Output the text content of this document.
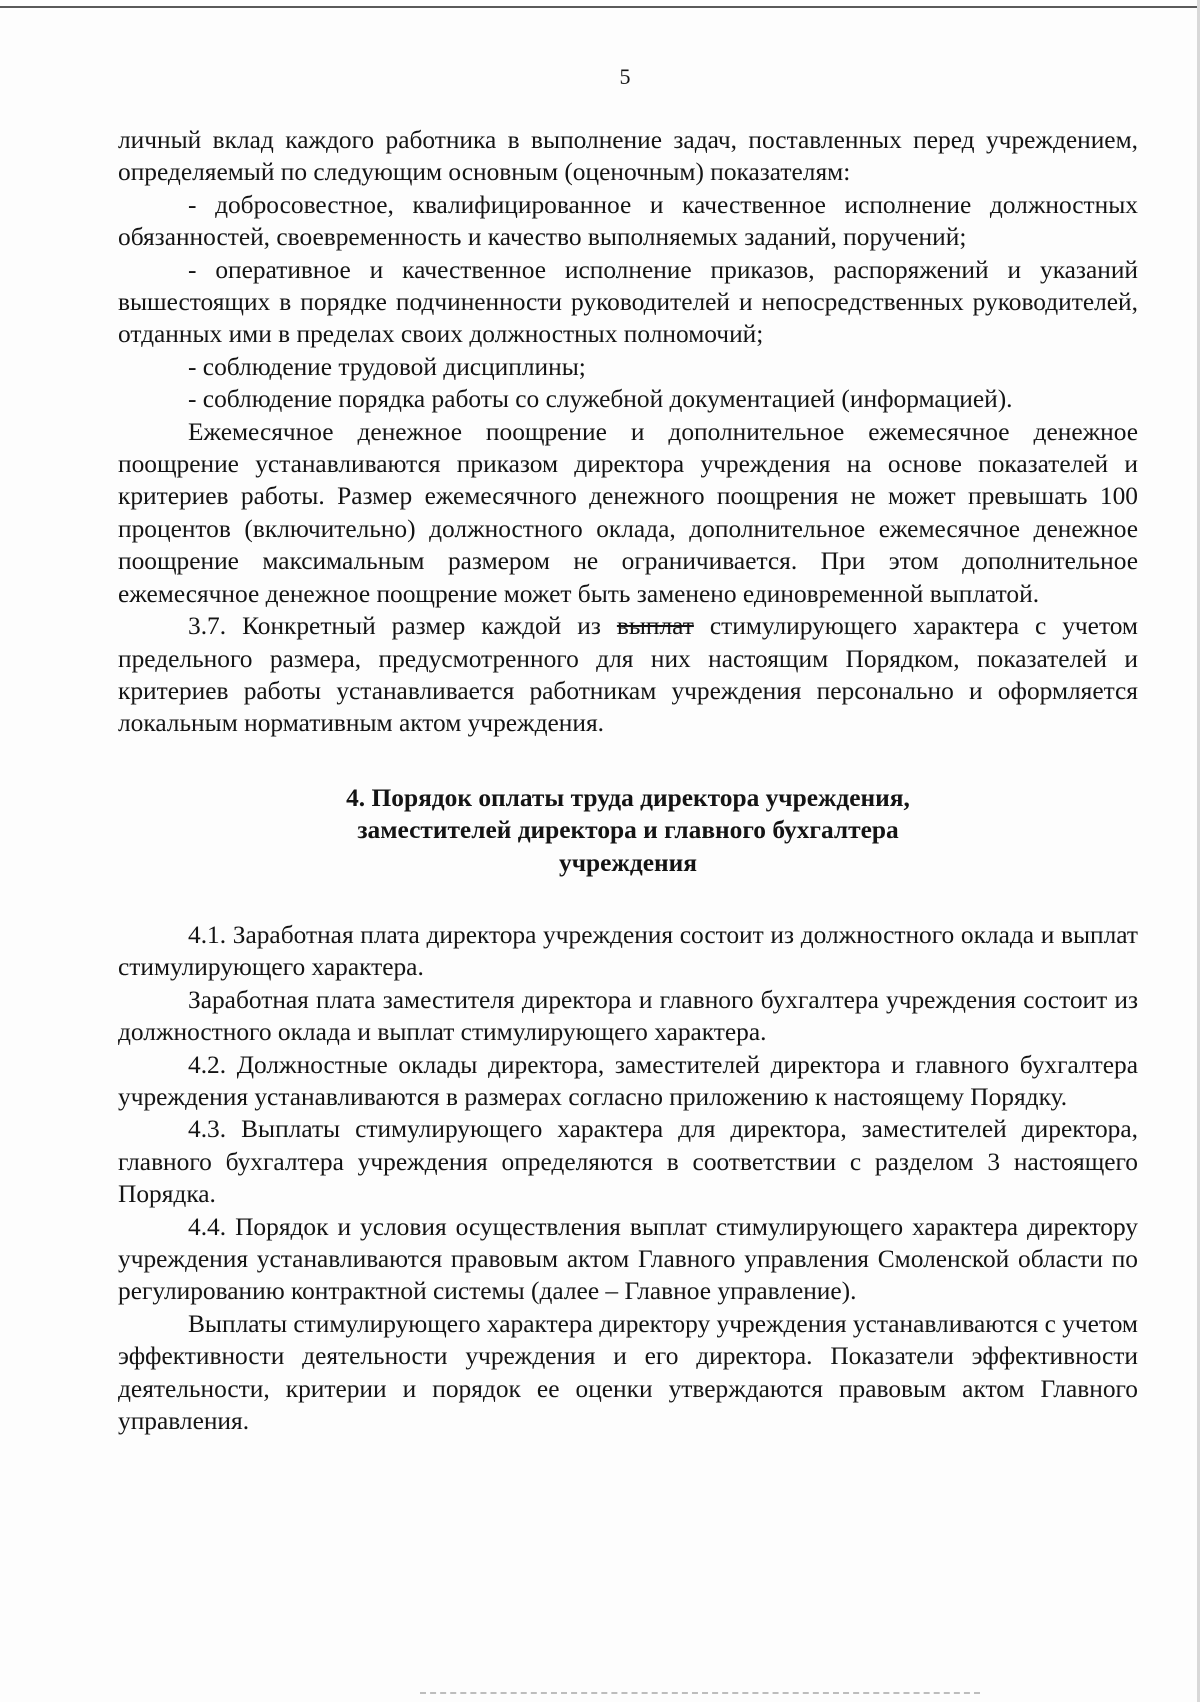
5

личный вклад каждого работника в выполнение задач, поставленных перед учреждением, определяемый по следующим основным (оценочным) показателям:

- добросовестное, квалифицированное и качественное исполнение должностных обязанностей, своевременность и качество выполняемых заданий, поручений;

- оперативное и качественное исполнение приказов, распоряжений и указаний вышестоящих в порядке подчиненности руководителей и непосредственных руководителей, отданных ими в пределах своих должностных полномочий;

- соблюдение трудовой дисциплины;

- соблюдение порядка работы со служебной документацией (информацией).

Ежемесячное денежное поощрение и дополнительное ежемесячное денежное поощрение устанавливаются приказом директора учреждения на основе показателей и критериев работы. Размер ежемесячного денежного поощрения не может превышать 100 процентов (включительно) должностного оклада, дополнительное ежемесячное денежное поощрение максимальным размером не ограничивается. При этом дополнительное ежемесячное денежное поощрение может быть заменено единовременной выплатой.

3.7. Конкретный размер каждой из выплат стимулирующего характера с учетом предельного размера, предусмотренного для них настоящим Порядком, показателей и критериев работы устанавливается работникам учреждения персонально и оформляется локальным нормативным актом учреждения.

4. Порядок оплаты труда директора учреждения,
заместителей директора и главного бухгалтера
учреждения

4.1. Заработная плата директора учреждения состоит из должностного оклада и выплат стимулирующего характера.

Заработная плата заместителя директора и главного бухгалтера учреждения состоит из должностного оклада и выплат стимулирующего характера.

4.2. Должностные оклады директора, заместителей директора и главного бухгалтера учреждения устанавливаются в размерах согласно приложению к настоящему Порядку.

4.3. Выплаты стимулирующего характера для директора, заместителей директора, главного бухгалтера учреждения определяются в соответствии с разделом 3 настоящего Порядка.

4.4. Порядок и условия осуществления выплат стимулирующего характера директору учреждения устанавливаются правовым актом Главного управления Смоленской области по регулированию контрактной системы (далее – Главное управление).

Выплаты стимулирующего характера директору учреждения устанавливаются с учетом эффективности деятельности учреждения и его директора. Показатели эффективности деятельности, критерии и порядок ее оценки утверждаются правовым актом Главного управления.
